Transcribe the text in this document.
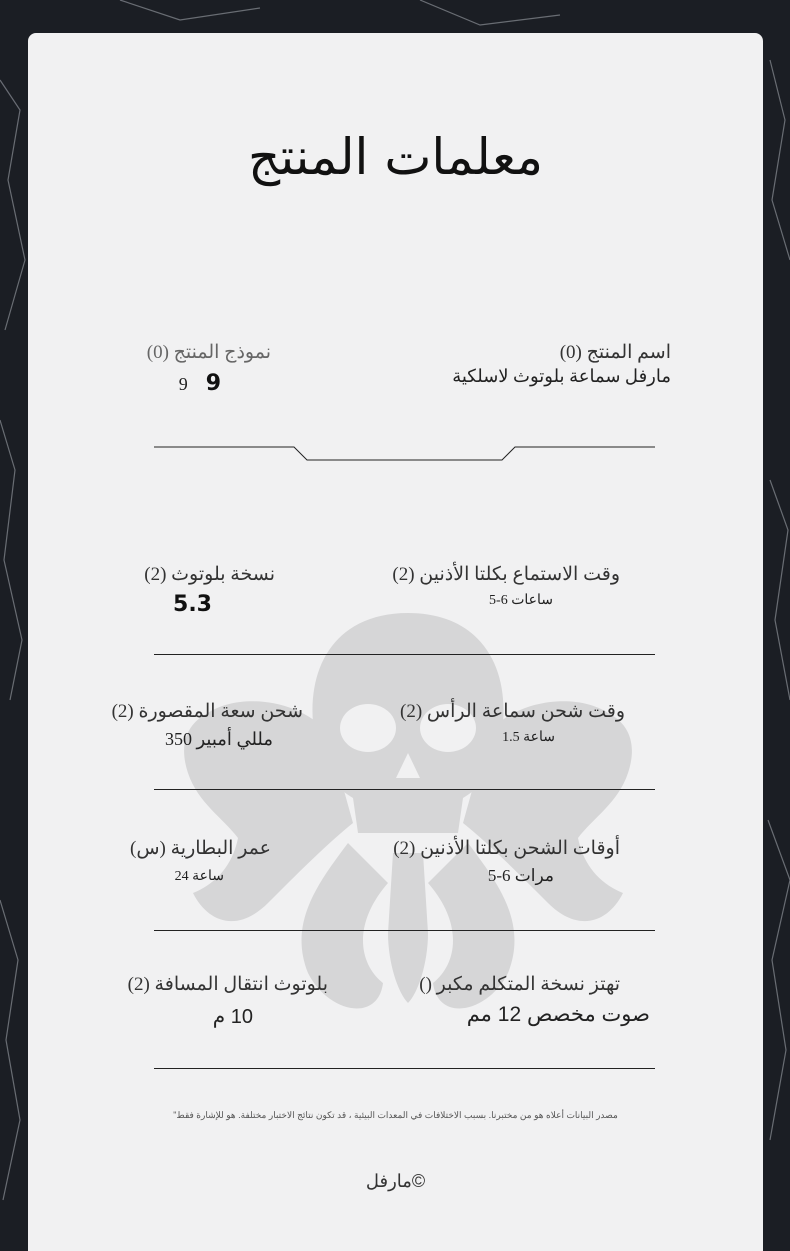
معلمات المنتج
اسم المنتج (0)
مارفل سماعة بلوتوث لاسلكية
نموذج المنتج (0)
9 9
وقت الاستماع بكلتا الأذنين (2)
ساعات 6-5
نسخة بلوتوث (2)
5.3
وقت شحن سماعة الرأس (2)
ساعة 1.5
شحن سعة المقصورة (2)
مللي أمبير 350
أوقات الشحن بكلتا الأذنين (2)
مرات 6-5
عمر البطارية (س)
ساعة 24
تهتز نسخة المتكلم مكبر ()
صوت مخصص 12 مم
بلوتوث انتقال المسافة (2)
10 م
مصدر البيانات أعلاه هو من مختبرنا. بسبب الاختلافات في المعدات البيئية ، قد تكون نتائج الاختبار مختلفة. هو للإشارة فقط"
مارفل©
